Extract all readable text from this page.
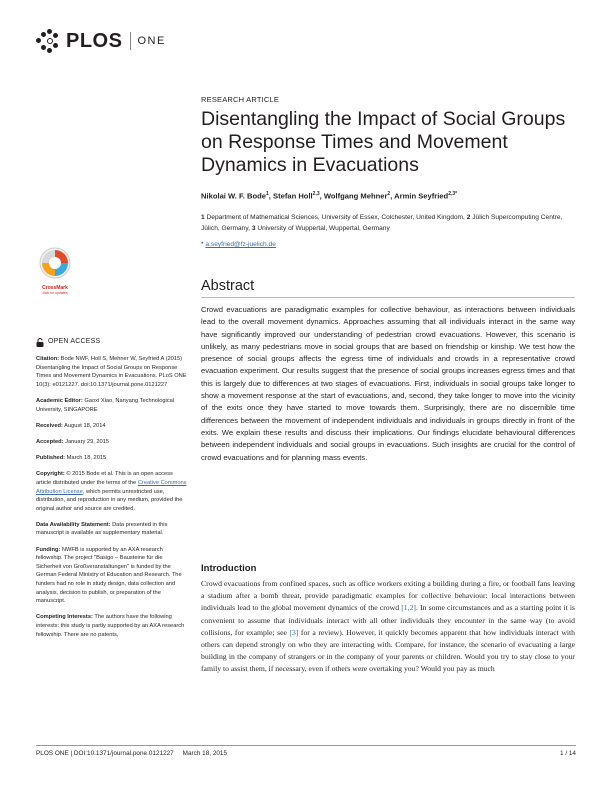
PLOS ONE
RESEARCH ARTICLE
Disentangling the Impact of Social Groups on Response Times and Movement Dynamics in Evacuations
Nikolai W. F. Bode$^1$, Stefan Holl$^{2,3}$, Wolfgang Mehner$^2$, Armin Seyfried$^{2,3*}$
1 Department of Mathematical Sciences, University of Essex, Colchester, United Kingdom, 2 Jülich Supercomputing Centre, Jülich, Germany, 3 University of Wuppertal, Wuppertal, Germany
* a.seyfried@fz-juelich.de
CrossMark
click for updates	Abstract
Crowd evacuations are paradigmatic examples for collective behaviour, as interactions between individuals lead to the overall movement dynamics. Approaches assuming that all individuals interact in the same way have significantly improved our understanding of pedestrian crowd evacuations. However, this scenario is unlikely, as many pedestrians move in social groups that are based on friendship or kinship. We test how the presence of social groups affects the egress time of individuals and crowds in a representative crowd evacuation experiment. Our results suggest that the presence of social groups increases egress times and that this is largely due to differences at two stages of evacuations. First, individuals in social groups take longer to show a movement response at the start of evacuations, and, second, they take longer to move into the vicinity of the exits once they have started to move towards them. Surprisingly, there are no discernible time differences between the movement of independent individuals and individuals in groups directly in front of the exits. We explain these results and discuss their implications. Our findings elucidate behavioural differences between independent individuals and social groups in evacuations. Such insights are crucial for the control of crowd evacuations and for planning mass events.
OPEN ACCESS
Citation: Bode NWF, Holl S, Mehner W, Seyfried A (2015) Disentangling the Impact of Social Groups on Response Times and Movement Dynamics in Evacuations. PLoS ONE 10(3): e0121227. doi:10.1371/journal.pone.0121227
Academic Editor: Gaoxi Xiao, Nanyang Technological University, SINGAPORE
Received: August 18, 2014
Accepted: January 29, 2015
Published: March 18, 2015
Copyright: © 2015 Bode et al. This is an open access article distributed under the terms of the Creative Commons Attribution License, which permits unrestricted use, distribution, and reproduction in any medium, provided the original author and source are credited.
Data Availability Statement: Data presented in this manuscript is available as supplementary material.
Funding: NWFB is supported by an AXA research fellowship. The project "Basigo – Bausteine für die Sicherheit von Großveranstaltungen" is funded by the German Federal Ministry of Education and Research. The funders had no role in study design, data collection and analysis, decision to publish, or preparation of the manuscript.
Competing Interests: The authors have the following interests: this study is partly supported by an AXA research fellowship. There are no patents,
Introduction
Crowd evacuations from confined spaces, such as office workers exiting a building during a fire, or football fans leaving a stadium after a bomb threat, provide paradigmatic examples for collective behaviour: local interactions between individuals lead to the global movement dynamics of the crowd [1,2]. In some circumstances and as a starting point it is convenient to assume that individuals interact with all other individuals they encounter in the same way (to avoid collisions, for example; see [3] for a review). However, it quickly becomes apparent that how individuals interact with others can depend strongly on who they are interacting with. Compare, for instance, the scenario of evacuating a large building in the company of strangers or in the company of your parents or children. Would you try to stay close to your family to assist them, if necessary, even if others were overtaking you? Would you pay as much
PLOS ONE | DOI:10.1371/journal.pone.0121227 March 18, 2015	1 / 14
